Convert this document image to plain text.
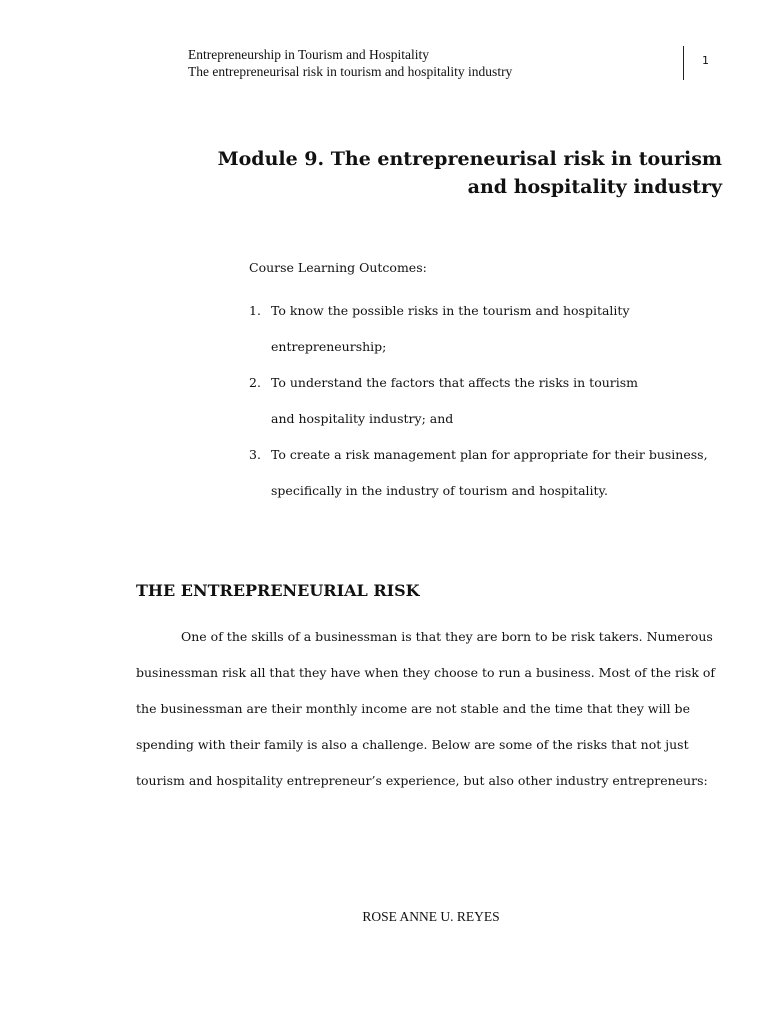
Entrepreneurship in Tourism and Hospitality
The entrepreneurisal risk in tourism and hospitality industry
1
Module 9. The entrepreneurisal risk in tourism
and hospitality industry
Course Learning Outcomes:
1. To know the possible risks in the tourism and hospitality
entrepreneurship;
2. To understand the factors that affects the risks in tourism
and hospitality industry; and
3. To create a risk management plan for appropriate for their business,
specifically in the industry of tourism and hospitality.
THE ENTREPRENEURIAL RISK
One of the skills of a businessman is that they are born to be risk takers. Numerous
businessman risk all that they have when they choose to run a business. Most of the risk of
the businessman are their monthly income are not stable and the time that they will be
spending with their family is also a challenge. Below are some of the risks that not just
tourism and hospitality entrepreneur’s experience, but also other industry entrepreneurs:
ROSE ANNE U. REYES
